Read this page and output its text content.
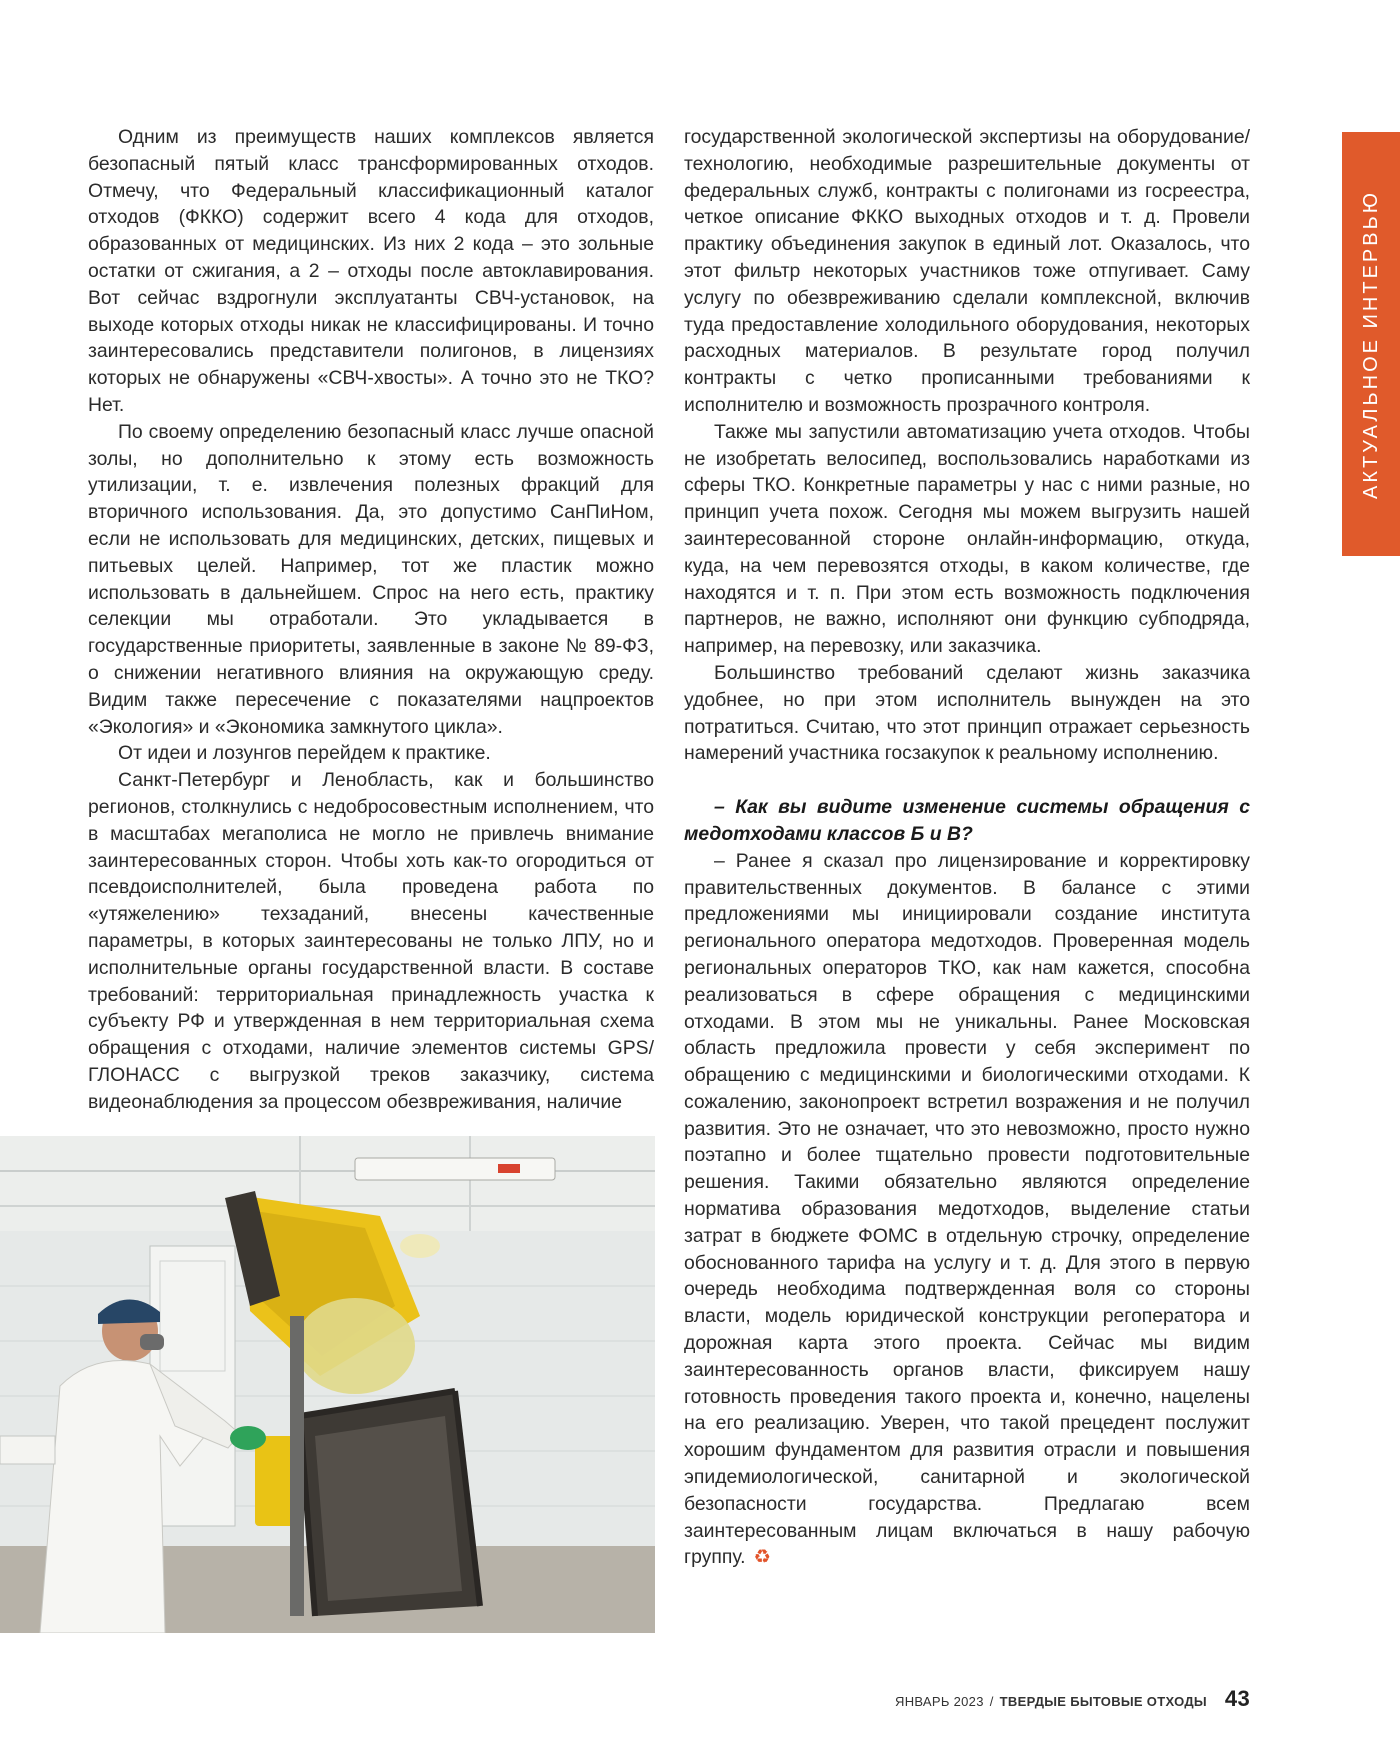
Одним из преимуществ наших комплексов является безопасный пятый класс трансформированных отходов. Отмечу, что Федеральный классификационный каталог отходов (ФККО) содержит всего 4 кода для отходов, образованных от медицинских. Из них 2 кода – это зольные остатки от сжигания, а 2 – отходы после автоклавирования. Вот сейчас вздрогнули эксплуатанты СВЧ-установок, на выходе которых отходы никак не классифицированы. И точно заинтересовались представители полигонов, в лицензиях которых не обнаружены «СВЧ-хвосты». А точно это не ТКО? Нет.

По своему определению безопасный класс лучше опасной золы, но дополнительно к этому есть возможность утилизации, т. е. извлечения полезных фракций для вторичного использования. Да, это допустимо СанПиНом, если не использовать для медицинских, детских, пищевых и питьевых целей. Например, тот же пластик можно использовать в дальнейшем. Спрос на него есть, практику селекции мы отработали. Это укладывается в государственные приоритеты, заявленные в законе № 89-ФЗ, о снижении негативного влияния на окружающую среду. Видим также пересечение с показателями нацпроектов «Экология» и «Экономика замкнутого цикла».

От идеи и лозунгов перейдем к практике.

Санкт-Петербург и Ленобласть, как и большинство регионов, столкнулись с недобросовестным исполнением, что в масштабах мегаполиса не могло не привлечь внимание заинтересованных сторон. Чтобы хоть как-то огородиться от псевдоисполнителей, была проведена работа по «утяжелению» техзаданий, внесены качественные параметры, в которых заинтересованы не только ЛПУ, но и исполнительные органы государственной власти. В составе требований: территориальная принадлежность участка к субъекту РФ и утвержденная в нем территориальная схема обращения с отходами, наличие элементов системы GPS/ГЛОНАСС с выгрузкой треков заказчику, система видеонаблюдения за процессом обезвреживания, наличие

государственной экологической экспертизы на оборудование/технологию, необходимые разрешительные документы от федеральных служб, контракты с полигонами из госреестра, четкое описание ФККО выходных отходов и т. д. Провели практику объединения закупок в единый лот. Оказалось, что этот фильтр некоторых участников тоже отпугивает. Саму услугу по обезвреживанию сделали комплексной, включив туда предоставление холодильного оборудования, некоторых расходных материалов. В результате город получил контракты с четко прописанными требованиями к исполнителю и возможность прозрачного контроля.

Также мы запустили автоматизацию учета отходов. Чтобы не изобретать велосипед, воспользовались наработками из сферы ТКО. Конкретные параметры у нас с ними разные, но принцип учета похож. Сегодня мы можем выгрузить нашей заинтересованной стороне онлайн-информацию, откуда, куда, на чем перевозятся отходы, в каком количестве, где находятся и т. п. При этом есть возможность подключения партнеров, не важно, исполняют они функцию субподряда, например, на перевозку, или заказчика.

Большинство требований сделают жизнь заказчика удобнее, но при этом исполнитель вынужден на это потратиться. Считаю, что этот принцип отражает серьезность намерений участника госзакупок к реальному исполнению.

– Как вы видите изменение системы обращения с медотходами классов Б и В?

– Ранее я сказал про лицензирование и корректировку правительственных документов. В балансе с этими предложениями мы инициировали создание института регионального оператора медотходов. Проверенная модель региональных операторов ТКО, как нам кажется, способна реализоваться в сфере обращения с медицинскими отходами. В этом мы не уникальны. Ранее Московская область предложила провести у себя эксперимент по обращению с медицинскими и биологическими отходами. К сожалению, законопроект встретил возражения и не получил развития. Это не означает, что это невозможно, просто нужно поэтапно и более тщательно провести подготовительные решения. Такими обязательно являются определение норматива образования медотходов, выделение статьи затрат в бюджете ФОМС в отдельную строчку, определение обоснованного тарифа на услугу и т. д. Для этого в первую очередь необходима подтвержденная воля со стороны власти, модель юридической конструкции регоператора и дорожная карта этого проекта. Сейчас мы видим заинтересованность органов власти, фиксируем нашу готовность проведения такого проекта и, конечно, нацелены на его реализацию. Уверен, что такой прецедент послужит хорошим фундаментом для развития отрасли и повышения эпидемиологической, санитарной и экологической безопасности государства. Предлагаю всем заинтересованным лицам включаться в нашу рабочую группу. ♻

АКТУАЛЬНОЕ ИНТЕРВЬЮ
ЯНВАРЬ 2023 / ТВЕРДЫЕ БЫТОВЫЕ ОТХОДЫ 43
